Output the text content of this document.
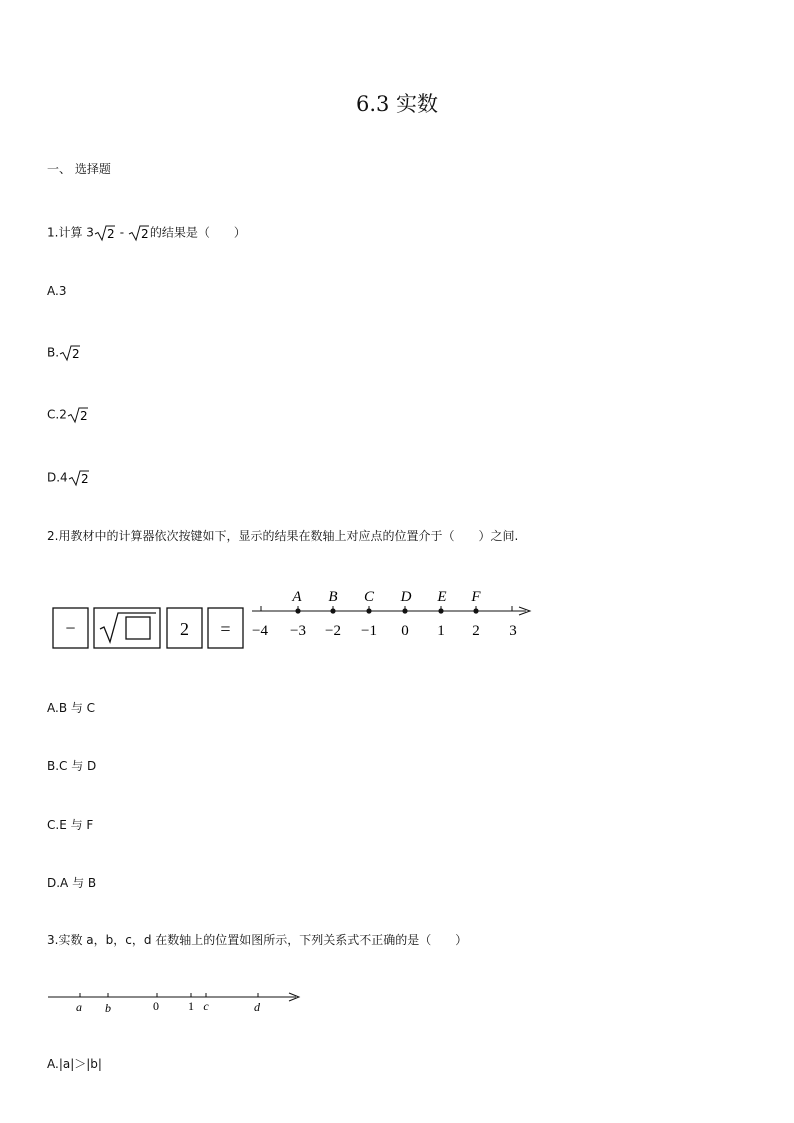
6.3 实数
一、 选择题
1.计算 3 2 - 2 的结果是（　　）
A.3
B. 2
C.2 2
D.4 2
2.用教材中的计算器依次按键如下，显示的结果在数轴上对应点的位置介于（　　）之间.
−	2 =
A B C D E F
−4 −3 −2 −1 0 1 2 3
A.B 与 C
B.C 与 D
C.E 与 F
D.A 与 B
3.实数 a，b，c，d 在数轴上的位置如图所示，下列关系式不正确的是（　　）
a b	0 1 c	d
A.|a|＞|b|
